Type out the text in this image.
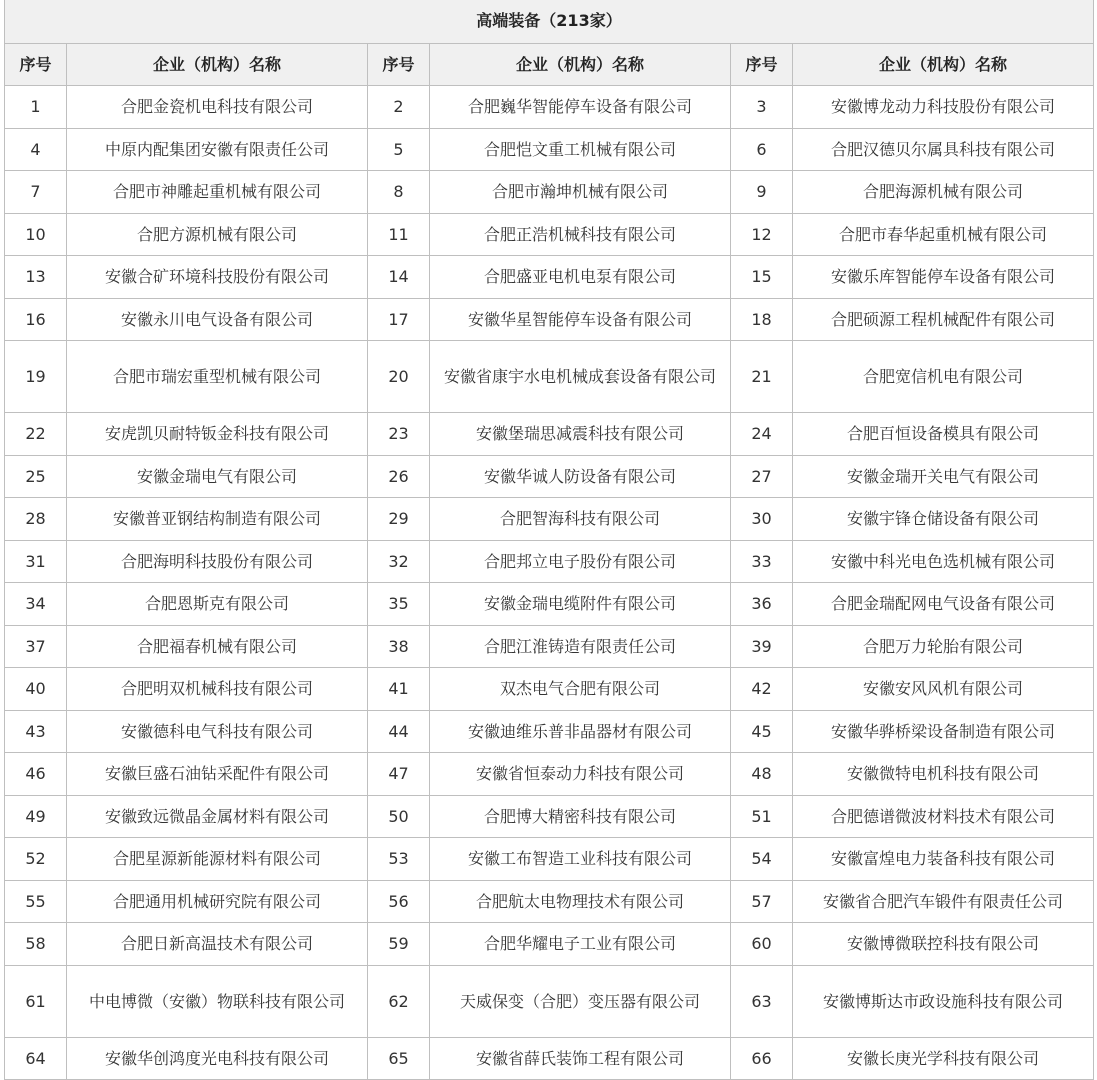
高端装备（213家）					
序号	企业（机构）名称	序号	企业（机构）名称	序号	企业（机构）名称
1	合肥金瓷机电科技有限公司	2	合肥巍华智能停车设备有限公司	3	安徽博龙动力科技股份有限公司
4	中原内配集团安徽有限责任公司	5	合肥恺文重工机械有限公司	6	合肥汉德贝尔属具科技有限公司
7	合肥市神雕起重机械有限公司	8	合肥市瀚坤机械有限公司	9	合肥海源机械有限公司
10	合肥方源机械有限公司	11	合肥正浩机械科技有限公司	12	合肥市春华起重机械有限公司
13	安徽合矿环境科技股份有限公司	14	合肥盛亚电机电泵有限公司	15	安徽乐库智能停车设备有限公司
16	安徽永川电气设备有限公司	17	安徽华星智能停车设备有限公司	18	合肥硕源工程机械配件有限公司
19	合肥市瑞宏重型机械有限公司	20	安徽省康宇水电机械成套设备有限公司	21	合肥宽信机电有限公司
22	安虎凯贝耐特钣金科技有限公司	23	安徽堡瑞思减震科技有限公司	24	合肥百恒设备模具有限公司
25	安徽金瑞电气有限公司	26	安徽华诚人防设备有限公司	27	安徽金瑞开关电气有限公司
28	安徽普亚钢结构制造有限公司	29	合肥智海科技有限公司	30	安徽宇锋仓储设备有限公司
31	合肥海明科技股份有限公司	32	合肥邦立电子股份有限公司	33	安徽中科光电色选机械有限公司
34	合肥恩斯克有限公司	35	安徽金瑞电缆附件有限公司	36	合肥金瑞配网电气设备有限公司
37	合肥福春机械有限公司	38	合肥江淮铸造有限责任公司	39	合肥万力轮胎有限公司
40	合肥明双机械科技有限公司	41	双杰电气合肥有限公司	42	安徽安风风机有限公司
43	安徽德科电气科技有限公司	44	安徽迪维乐普非晶器材有限公司	45	安徽华骅桥梁设备制造有限公司
46	安徽巨盛石油钻采配件有限公司	47	安徽省恒泰动力科技有限公司	48	安徽微特电机科技有限公司
49	安徽致远微晶金属材料有限公司	50	合肥博大精密科技有限公司	51	合肥德谱微波材料技术有限公司
52	合肥星源新能源材料有限公司	53	安徽工布智造工业科技有限公司	54	安徽富煌电力装备科技有限公司
55	合肥通用机械研究院有限公司	56	合肥航太电物理技术有限公司	57	安徽省合肥汽车锻件有限责任公司
58	合肥日新高温技术有限公司	59	合肥华耀电子工业有限公司	60	安徽博微联控科技有限公司
61	中电博微（安徽）物联科技有限公司	62	天威保变（合肥）变压器有限公司	63	安徽博斯达市政设施科技有限公司
64	安徽华创鸿度光电科技有限公司	65	安徽省薛氏装饰工程有限公司	66	安徽长庚光学科技有限公司
